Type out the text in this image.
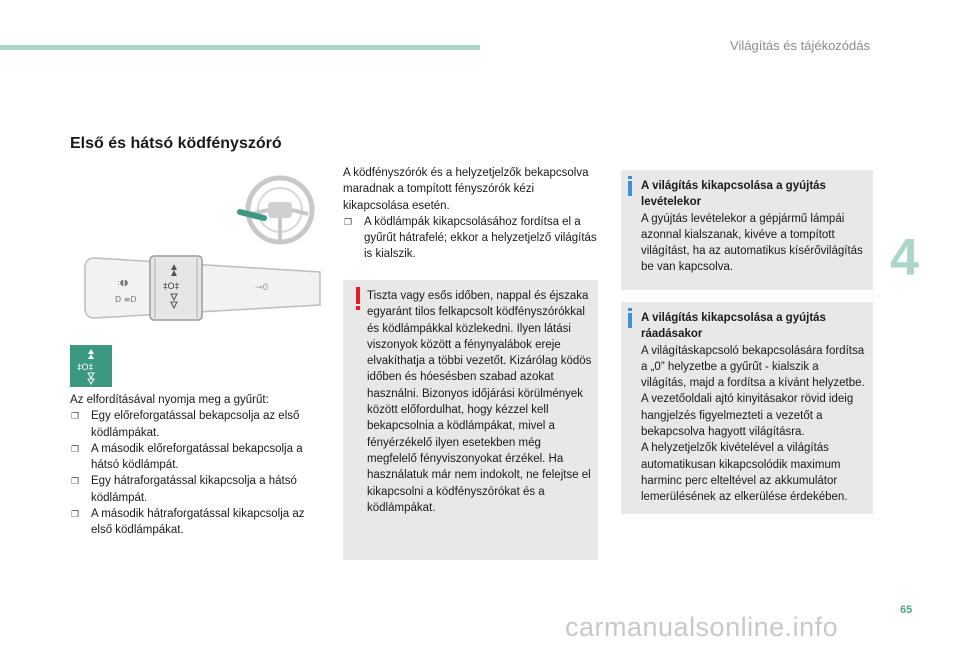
Világítás és tájékozódás
Első és hátsó ködfényszóró
‡O‡
:◖◗
D ≡D
⊸0
‡O‡

Az elfordításával nyomja meg a gyűrűt:

❐ Egy előreforgatással bekapcsolja az első ködlámpákat.
❐ A második előreforgatással bekapcsolja a hátsó ködlámpát.
❐ Egy hátraforgatással kikapcsolja a hátsó ködlámpát.
❐ A második hátraforgatással kikapcsolja az első ködlámpákat.

A ködfényszórók és a helyzetjelzők bekapcsolva maradnak a tompított fényszórók kézi kikapcsolása esetén.

❐ A ködlámpák kikapcsolásához fordítsa el a gyűrűt hátrafelé; ekkor a helyzetjelző világítás is kialszik.

Tiszta vagy esős időben, nappal és éjszaka egyaránt tilos felkapcsolt ködfényszórókkal és ködlámpákkal közlekedni. Ilyen látási viszonyok között a fénynyalábok ereje elvakíthatja a többi vezetőt. Kizárólag ködös időben és hóesésben szabad azokat használni. Bizonyos időjárási körülmények között előfordulhat, hogy kézzel kell bekapcsolnia a ködlámpákat, mivel a fényérzékelő ilyen esetekben még megfelelő fényviszonyokat érzékel. Ha használatuk már nem indokolt, ne felejtse el kikapcsolni a ködfényszórókat és a ködlámpákat.

A világítás kikapcsolása a gyújtás levételekor

A gyújtás levételekor a gépjármű lámpái azonnal kialszanak, kivéve a tompított világítást, ha az automatikus kísérővilágítás be van kapcsolva.

A világítás kikapcsolása a gyújtás ráadásakor

A világításkapcsoló bekapcsolására fordítsa a „0” helyzetbe a gyűrűt - kialszik a világítás, majd a fordítsa a kívánt helyzetbe.

A vezetőoldali ajtó kinyitásakor rövid ideig hangjelzés figyelmezteti a vezetőt a bekapcsolva hagyott világításra.

A helyzetjelzők kivételével a világítás automatikusan kikapcsolódik maximum harminc perc elteltével az akkumulátor lemerülésének az elkerülése érdekében.

4
65
carmanualsonline.info
